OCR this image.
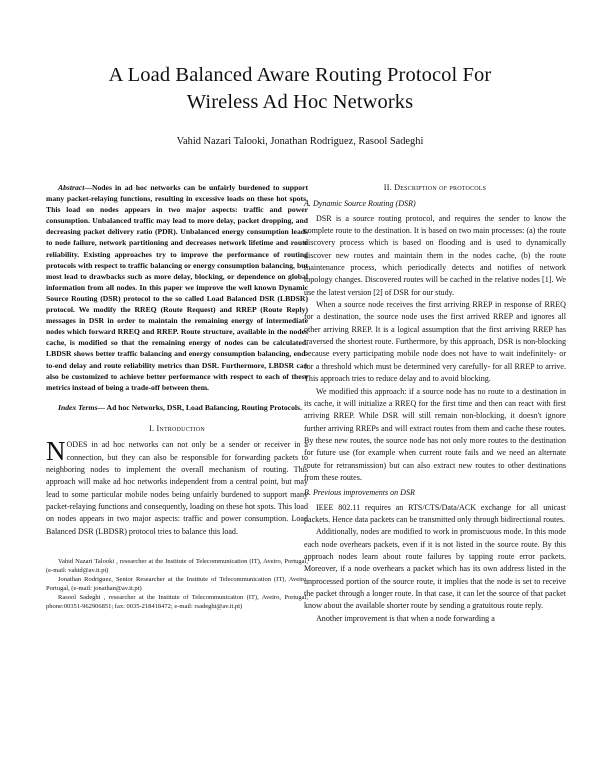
A Load Balanced Aware Routing Protocol For
Wireless Ad Hoc Networks
Vahid Nazari Talooki, Jonathan Rodriguez, Rasool Sadeghi

Abstract—Nodes in ad hoc networks can be unfairly burdened to support many packet-relaying functions, resulting in excessive loads on these hot spots. This load on nodes appears in two major aspects: traffic and power consumption. Unbalanced traffic may lead to more delay, packet dropping, and decreasing packet delivery ratio (PDR). Unbalanced energy consumption leads to node failure, network partitioning and decreases network lifetime and route reliability. Existing approaches try to improve the performance of routing protocols with respect to traffic balancing or energy consumption balancing, but most lead to drawbacks such as more delay, blocking, or dependence on global information from all nodes. In this paper we improve the well known Dynamic Source Routing (DSR) protocol to the so called Load Balanced DSR (LBDSR) protocol. We modify the RREQ (Route Request) and RREP (Route Reply) messages in DSR in order to maintain the remaining energy of intermediate nodes which forward RREQ and RREP. Route structure, available in the nodes cache, is modified so that the remaining energy of nodes can be calculated. LBDSR shows better traffic balancing and energy consumption balancing, end-to-end delay and route reliability metrics than DSR. Furthermore, LBDSR can also be customized to achieve better performance with respect to each of these metrics instead of being a trade-off between them.

Index Terms— Ad hoc Networks, DSR, Load Balancing, Routing Protocols.

I. Introduction

NODES in ad hoc networks can not only be a sender or receiver in a connection, but they can also be responsible for forwarding packets to neighboring nodes to implement the overall mechanism of routing. This approach will make ad hoc networks independent from a central point, but may lead to some particular mobile nodes being unfairly burdened to support many packet-relaying functions and consequently, loading on these hot spots. This load on nodes appears in two major aspects: traffic and power consumption. Load Balanced DSR (LBDSR) protocol tries to balance this load.

Vahid Nazari Talooki , researcher at the Institute of Telecommunication (IT), Aveiro, Portugal, (e-mail: vahid@av.it.pt)

Jonathan Rodriguez, Senior Researcher at the Institute of Telecommunication (IT), Aveiro, Portugal, (e-mail: jonathan@av.it.pt)

Rasool Sadeghi , researcher at the Institute of Telecommunication (IT), Aveiro, Portugal, phone:00351-962906851; fax: 0035-218418472; e-mail: rsadeghi@av.it.pt)

II. Description of protocols
A. Dynamic Source Routing (DSR)

DSR is a source routing protocol, and requires the sender to know the complete route to the destination. It is based on two main processes: (a) the route discovery process which is based on flooding and is used to dynamically discover new routes and maintain them in the nodes cache, (b) the route maintenance process, which periodically detects and notifies of network topology changes. Discovered routes will be cached in the relative nodes [1]. We use the latest version [2] of DSR for our study.

When a source node receives the first arriving RREP in response of RREQ for a destination, the source node uses the first arrived RREP and ignores all other arriving RREP. It is a logical assumption that the first arriving RREP has traversed the shortest route. Furthermore, by this approach, DSR is non-blocking because every participating mobile node does not have to wait indefinitely- or for a threshold which must be determined very carefully- for all RREP to arrive. This approach tries to reduce delay and to avoid blocking.

We modified this approach: if a source node has no route to a destination in its cache, it will initialize a RREQ for the first time and then can react with first arriving RREP. While DSR will still remain non-blocking, it doesn't ignore further arriving RREPs and will extract routes from them and cache these routes. By these new routes, the source node has not only more routes to the destination for future use (for example when current route fails and we need an alternate route for retransmission) but can also extract new routes to other destinations from these routes.

B. Previous improvements on DSR

IEEE 802.11 requires an RTS/CTS/Data/ACK exchange for all unicast packets. Hence data packets can be transmitted only through bidirectional routes.

Additionally, nodes are modified to work in promiscuous mode. In this mode each node overhears packets, even if it is not listed in the source route. By this approach nodes learn about route failures by tapping route error packets. Moreover, if a node overhears a packet which has its own address listed in the unprocessed portion of the source route, it implies that the node is set to receive the packet through a longer route. In that case, it can let the source of that packet know about the available shorter route by sending a gratuitous route reply.

Another improvement is that when a node forwarding a
